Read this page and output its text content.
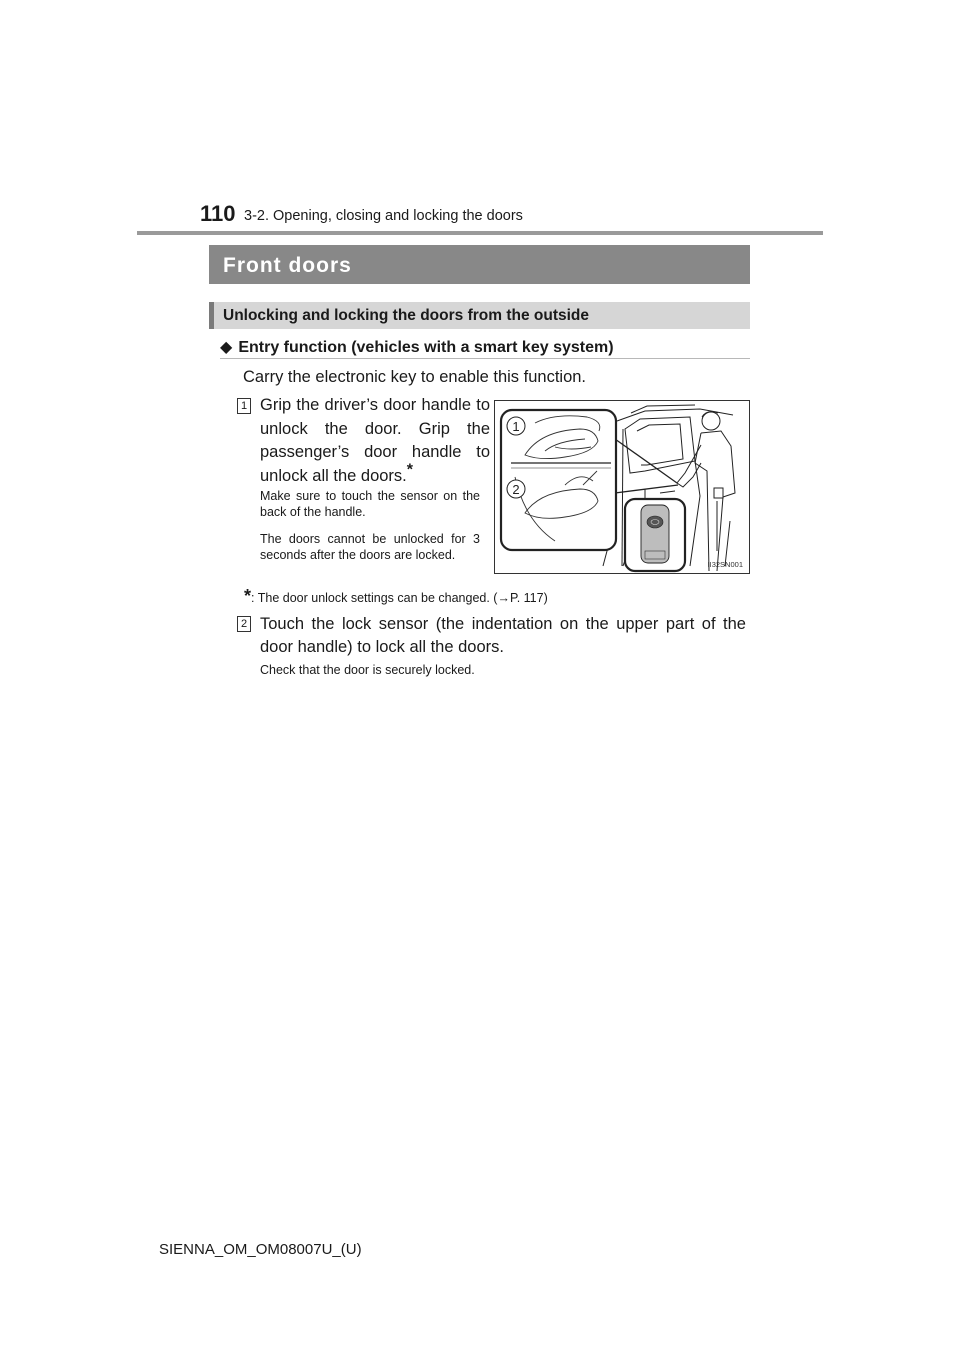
110 3-2. Opening, closing and locking the doors
Front doors
Unlocking and locking the doors from the outside
◆ Entry function (vehicles with a smart key system)
Carry the electronic key to enable this function.
1 Grip the driver’s door handle to unlock the door. Grip the passenger’s door handle to unlock all the doors.*
Make sure to touch the sensor on the back of the handle.
The doors cannot be unlocked for 3 seconds after the doors are locked.
*: The door unlock settings can be changed. (→P. 117)
2 Touch the lock sensor (the indentation on the upper part of the door handle) to lock all the doors.
Check that the door is securely locked.
1
2
II32SN001
SIENNA_OM_OM08007U_(U)
